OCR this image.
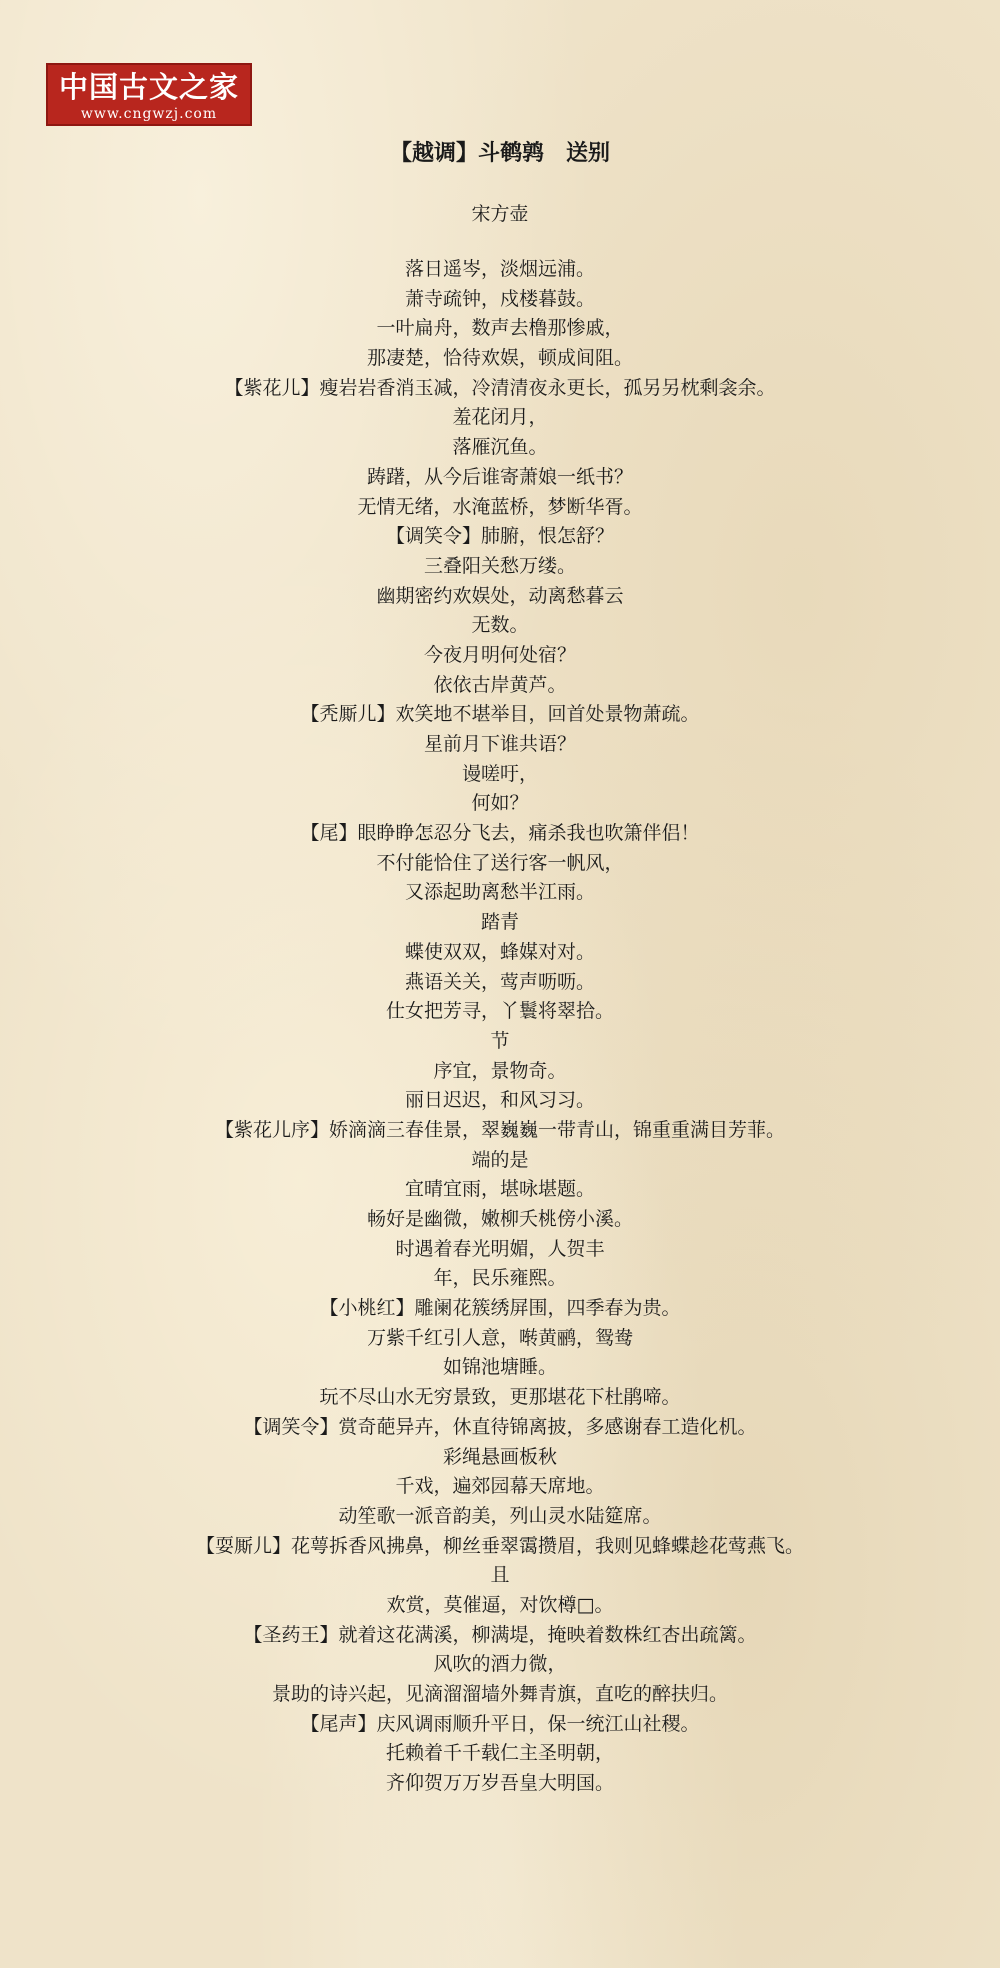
中国古文之家
www.cngwzj.com
【越调】斗鹌鹑　送别
宋方壶
落日遥岑，淡烟远浦。
萧寺疏钟，戍楼暮鼓。
一叶扁舟，数声去橹那惨戚，
那凄楚，恰待欢娱，顿成间阻。
【紫花儿】瘦岩岩香消玉减，冷清清夜永更长，孤另另枕剩衾余。
羞花闭月，
落雁沉鱼。
踌躇，从今后谁寄萧娘一纸书？
无情无绪，水淹蓝桥，梦断华胥。
【调笑令】肺腑，恨怎舒？
三叠阳关愁万缕。
幽期密约欢娱处，动离愁暮云
无数。
今夜月明何处宿？
依依古岸黄芦。
【秃厮儿】欢笑地不堪举目，回首处景物萧疏。
星前月下谁共语？
谩嗟吁，
何如？
【尾】眼睁睁怎忍分飞去，痛杀我也吹箫伴侣！
不付能恰住了送行客一帆风，
又添起助离愁半江雨。
踏青
蝶使双双，蜂媒对对。
燕语关关，莺声呖呖。
仕女把芳寻，丫鬟将翠拾。
节
序宜，景物奇。
丽日迟迟，和风习习。
【紫花儿序】娇滴滴三春佳景，翠巍巍一带青山，锦重重满目芳菲。
端的是
宜晴宜雨，堪咏堪题。
畅好是幽微，嫩柳夭桃傍小溪。
时遇着春光明媚，人贺丰
年，民乐雍熙。
【小桃红】雕阑花簇绣屏围，四季春为贵。
万紫千红引人意，啭黄鹂，鸳鸯
如锦池塘睡。
玩不尽山水无穷景致，更那堪花下杜鹃啼。
【调笑令】赏奇葩异卉，休直待锦离披，多感谢春工造化机。
彩绳悬画板秋
千戏，遍郊园幕天席地。
动笙歌一派音韵美，列山灵水陆筵席。
【耍厮儿】花萼拆香风拂鼻，柳丝垂翠霭攒眉，我则见蜂蝶趁花莺燕飞。
且
欢赏，莫催逼，对饮樽□。
【圣药王】就着这花满溪，柳满堤，掩映着数株红杏出疏篱。
风吹的酒力微，
景助的诗兴起，见滴溜溜墙外舞青旗，直吃的醉扶归。
【尾声】庆风调雨顺升平日，保一统江山社稷。
托赖着千千载仁主圣明朝，
齐仰贺万万岁吾皇大明国。
